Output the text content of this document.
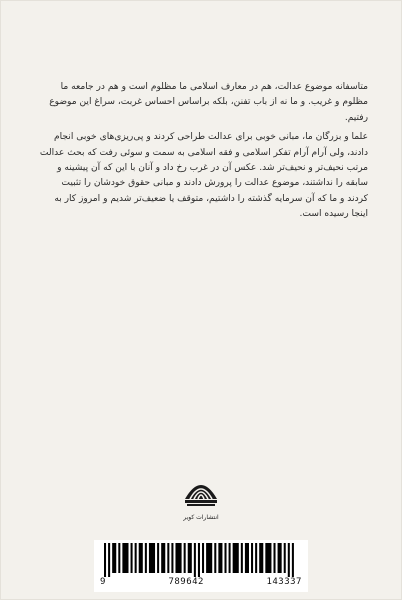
متاسفانه موضوع عدالت، هم در معارف اسلامی ما مظلوم است و هم در جامعه ما مظلوم و غریب. و ما نه از باب تفنن، بلکه براساس احساس غربت، سراغ این موضوع رفتیم.

علما و بزرگان ما، مبانی خوبی برای عدالت طراحی کردند و پی‌ریزی‌های خوبی انجام دادند، ولی آرام آرام تفکر اسلامی و فقه اسلامی به سمت و سوئی رفت که بحث عدالت مرتب نحیف‌تر و نحیف‌تر شد. عکس آن در غرب رخ داد و آنان با این که آن پیشینه و سابقه را نداشتند، موضوع عدالت را پرورش دادند و مبانی حقوق خودشان را تثبیت کردند و ما که آن سرمایه گذشته را داشتیم، متوقف یا ضعیف‌تر شدیم و امروز کار به اینجا رسیده است.

انتشارات کویر
9	789642	143337
